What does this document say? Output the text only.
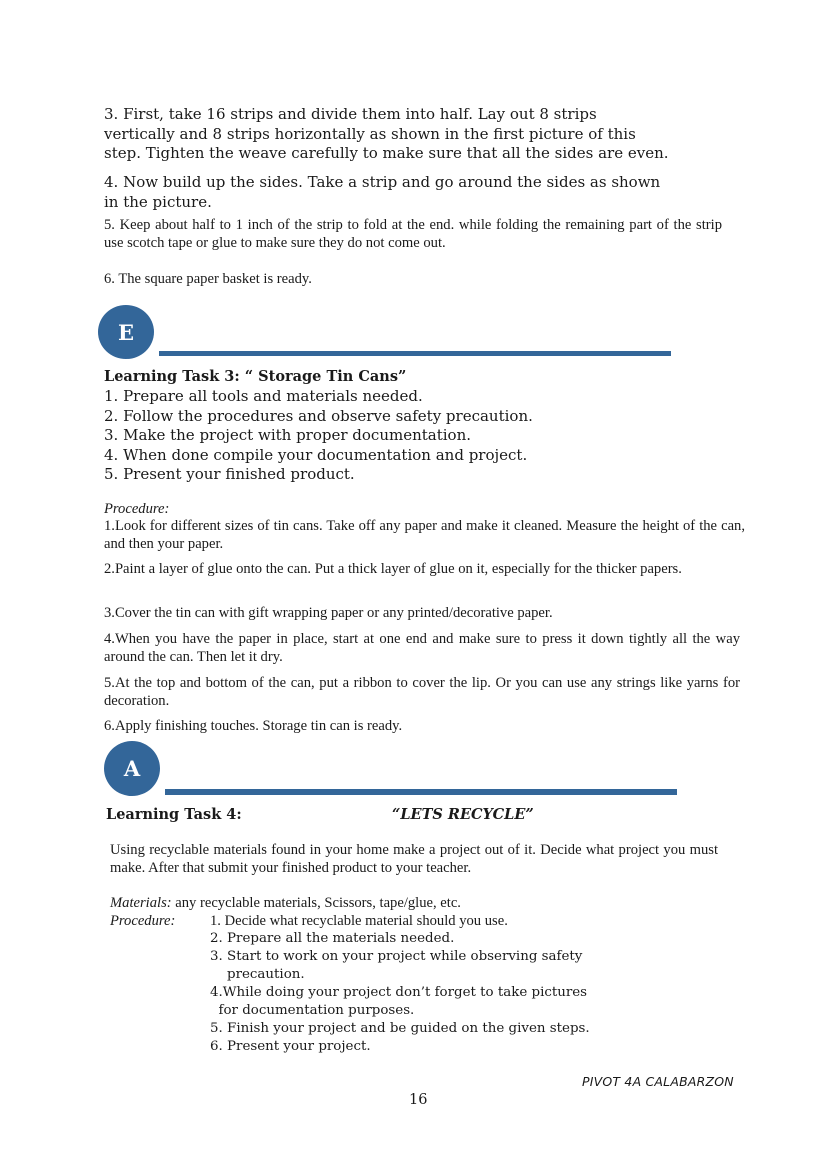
3. First, take 16 strips and divide them into half. Lay out 8 strips
vertically and 8 strips horizontally as shown in the first picture of this
step. Tighten the weave carefully to make sure that all the sides are even.
4. Now build up the sides. Take a strip and go around the sides as shown
in the picture.
5. Keep about half to 1 inch of the strip to fold at the end. while folding the remaining part of the strip use scotch tape or glue to make sure they do not come out.
6. The square paper basket is ready.
E
Learning Task 3: “ Storage Tin Cans”
1. Prepare all tools and materials needed.
2. Follow the procedures and observe safety precaution.
3. Make the project with proper documentation.
4. When done compile your documentation and project.
5. Present your finished product.
Procedure:
1.Look for different sizes of tin cans. Take off any paper and make it cleaned. Measure the height of the can, and then your paper.
2.Paint a layer of glue onto the can. Put a thick layer of glue on it, especially for the thicker papers.
3.Cover the tin can with gift wrapping paper or any printed/decorative paper.
4.When you have the paper in place, start at one end and make sure to press it down tightly all the way around the can. Then let it dry.
5.At the top and bottom of the can, put a ribbon to cover the lip. Or you can use any strings like yarns for decoration.
6.Apply finishing touches. Storage tin can is ready.
A
Learning Task 4:	“LETS RECYCLE”
Using recyclable materials found in your home make a project out of it. Decide what project you must make. After that submit your finished product to your teacher.
Materials: any recyclable materials, Scissors, tape/glue, etc.
Procedure: 1. Decide what recyclable material should you use.
2. Prepare all the materials needed.
3. Start to work on your project while observing safety
precaution.
4.While doing your project don’t forget to take pictures
for documentation purposes.
5. Finish your project and be guided on the given steps.
6. Present your project.
PIVOT 4A CALABARZON
16
